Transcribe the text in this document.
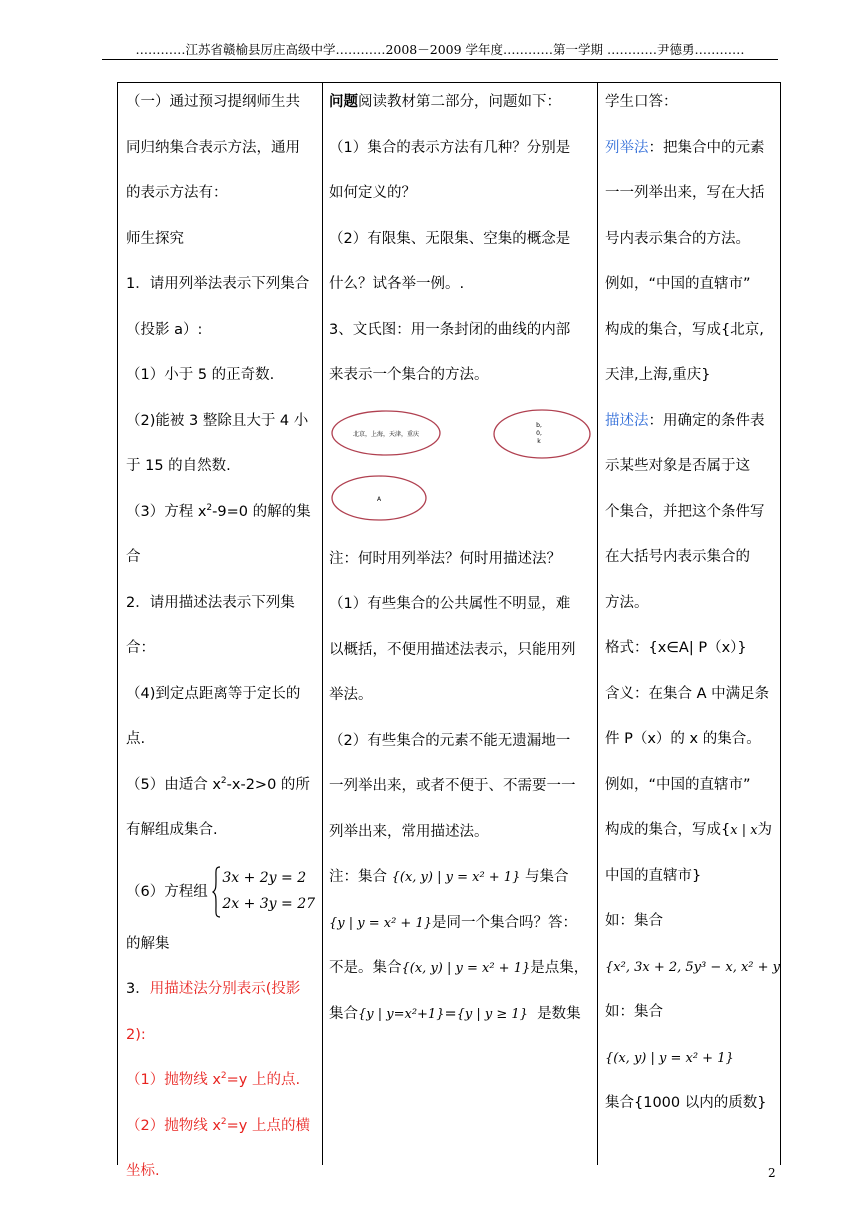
…………江苏省赣榆县厉庄高级中学…………2008－2009 学年度…………第一学期 …………尹德勇…………
（一）通过预习提纲师生共
同归纳集合表示方法，通用
的表示方法有：
师生探究
1．请用列举法表示下列集合
（投影 a）:
（1）小于 5 的正奇数.
（2)能被 3 整除且大于 4 小
于 15 的自然数.
（3）方程 $x^2-9=0$ 的解的集
合
2．请用描述法表示下列集
合：
（4)到定点距离等于定长的
点.
（5）由适合 $x^2-x-2>0$ 的所
有解组成集合.
（6）方程组
3x + 2y = 2
2x + 3y = 27
的解集
3．用描述法分别表示(投影
2):
（1）抛物线 $x^2=y$ 上的点.
（2）抛物线 $x^2=y$ 上点的横
坐标.
问题阅读教材第二部分，问题如下：
（1）集合的表示方法有几种？分别是
如何定义的？
（2）有限集、无限集、空集的概念是
什么？试各举一例。.
3、文氏图：用一条封闭的曲线的内部
来表示一个集合的方法。
北京，上海，天津，重庆
b,
0,
k
A
注：何时用列举法？何时用描述法？
（1）有些集合的公共属性不明显，难
以概括，不便用描述法表示，只能用列
举法。
（2）有些集合的元素不能无遗漏地一
一列举出来，或者不便于、不需要一一
列举出来，常用描述法。
注：集合 {(x, y) | y = x² + 1} 与集合
{y | y = x² + 1}是同一个集合吗？答：
不是。集合{(x, y) | y = x² + 1}是点集，
集合{y | y=x²+1}={y | y ≥ 1} 是数集
学生口答：
列举法：把集合中的元素
一一列举出来，写在大括
号内表示集合的方法。
例如，“中国的直辖市”
构成的集合，写成{北京,
天津,上海,重庆}
描述法：用确定的条件表
示某些对象是否属于这
个集合，并把这个条件写
在大括号内表示集合的
方法。
格式：{x∈A| P（x）}
含义：在集合 A 中满足条
件 P（x）的 x 的集合。
例如，“中国的直辖市”
构成的集合，写成{x | x为
中国的直辖市}
如：集合
{x², 3x + 2, 5y³ − x, x² + y
如：集合
{(x, y) | y = x² + 1}
集合{1000 以内的质数}
2
